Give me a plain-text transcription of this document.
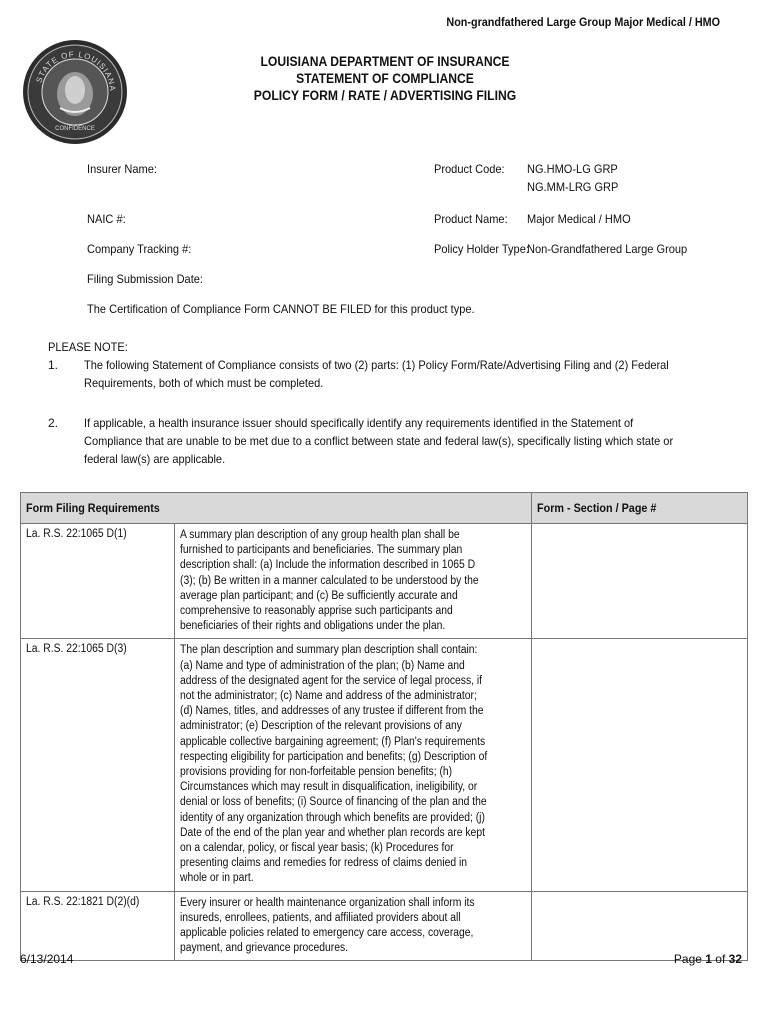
Non-grandfathered Large Group Major Medical / HMO
STATE OF LOUISIANA
CONFIDENCE
LOUISIANA DEPARTMENT OF INSURANCE
STATEMENT OF COMPLIANCE
POLICY FORM / RATE / ADVERTISING FILING
Insurer Name:	Product Code: NG.HMO-LG GRP
NG.MM-LRG GRP
NAIC #:	Product Name: Major Medical / HMO
Company Tracking #:	Policy Holder Type:
Non-Grandfathered Large Group
Filing Submission Date:
The Certification of Compliance Form CANNOT BE FILED for this product type.
PLEASE NOTE:
1. The following Statement of Compliance consists of two (2) parts: (1) Policy Form/Rate/Advertising Filing and (2) Federal Requirements, both of which must be completed.
2. If applicable, a health insurance issuer should specifically identify any requirements identified in the Statement of Compliance that are unable to be met due to a conflict between state and federal law(s), specifically listing which state or federal law(s) are applicable.
Form Filing Requirements		Form - Section / Page #
La. R.S. 22:1065 D(1)	A summary plan description of any group health plan shall be furnished to participants and beneficiaries. The summary plan description shall: (a) Include the information described in 1065 D (3); (b) Be written in a manner calculated to be understood by the average plan participant; and (c) Be sufficiently accurate and comprehensive to reasonably apprise such participants and beneficiaries of their rights and obligations under the plan.	
La. R.S. 22:1065 D(3)	The plan description and summary plan description shall contain: (a) Name and type of administration of the plan; (b) Name and address of the designated agent for the service of legal process, if not the administrator; (c) Name and address of the administrator; (d) Names, titles, and addresses of any trustee if different from the administrator; (e) Description of the relevant provisions of any applicable collective bargaining agreement; (f) Plan's requirements respecting eligibility for participation and benefits; (g) Description of provisions providing for non-forfeitable pension benefits; (h) Circumstances which may result in disqualification, ineligibility, or denial or loss of benefits; (i) Source of financing of the plan and the identity of any organization through which benefits are provided; (j) Date of the end of the plan year and whether plan records are kept on a calendar, policy, or fiscal year basis; (k) Procedures for presenting claims and remedies for redress of claims denied in whole or in part.	
La. R.S. 22:1821 D(2)(d)	Every insurer or health maintenance organization shall inform its insureds, enrollees, patients, and affiliated providers about all applicable policies related to emergency care access, coverage, payment, and grievance procedures.	
6/13/2014	Page 1 of 32
